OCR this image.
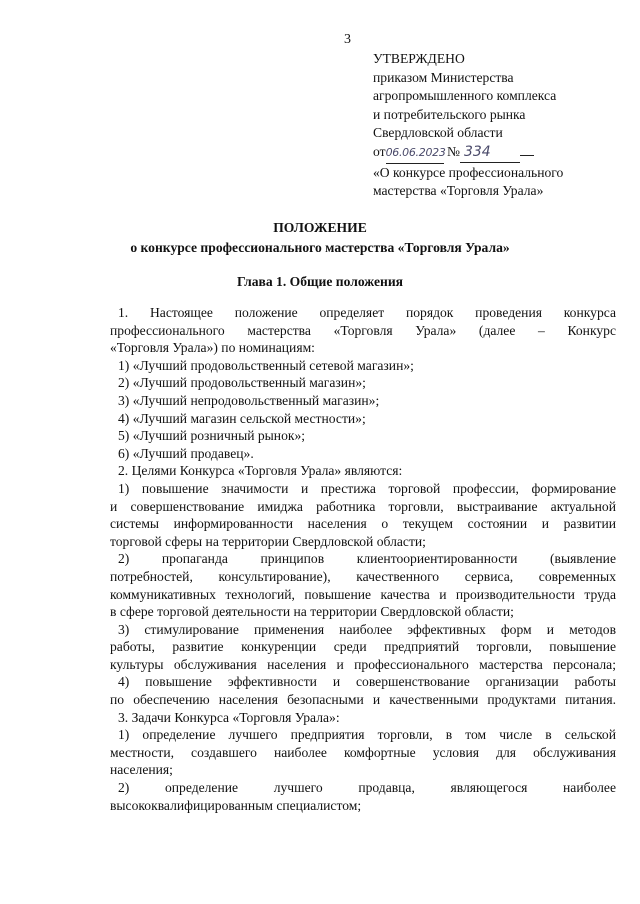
3
УТВЕРЖДЕНО
приказом Министерства
агропромышленного комплекса
и потребительского рынка
Свердловской области
от06.06.2023 № 334
«О конкурсе профессионального
мастерства «Торговля Урала»
ПОЛОЖЕНИЕ
о конкурсе профессионального мастерства «Торговля Урала»
Глава 1. Общие положения
1. Настоящее положение определяет порядок проведения конкурса
профессионального мастерства «Торговля Урала» (далее – Конкурс
«Торговля Урала») по номинациям:
1) «Лучший продовольственный сетевой магазин»;
2) «Лучший продовольственный магазин»;
3) «Лучший непродовольственный магазин»;
4) «Лучший магазин сельской местности»;
5) «Лучший розничный рынок»;
6) «Лучший продавец».
2. Целями Конкурса «Торговля Урала» являются:
1) повышение значимости и престижа торговой профессии, формирование
и совершенствование имиджа работника торговли, выстраивание актуальной
системы информированности населения о текущем состоянии и развитии
торговой сферы на территории Свердловской области;
2) пропаганда принципов клиентоориентированности (выявление
потребностей, консультирование), качественного сервиса, современных
коммуникативных технологий, повышение качества и производительности труда
в сфере торговой деятельности на территории Свердловской области;
3) стимулирование применения наиболее эффективных форм и методов
работы, развитие конкуренции среди предприятий торговли, повышение
культуры обслуживания населения и профессионального мастерства персонала;
4) повышение эффективности и совершенствование организации работы
по обеспечению населения безопасными и качественными продуктами питания.
3. Задачи Конкурса «Торговля Урала»:
1) определение лучшего предприятия торговли, в том числе в сельской
местности, создавшего наиболее комфортные условия для обслуживания
населения;
2) определение лучшего продавца, являющегося наиболее
высококвалифицированным специалистом;
